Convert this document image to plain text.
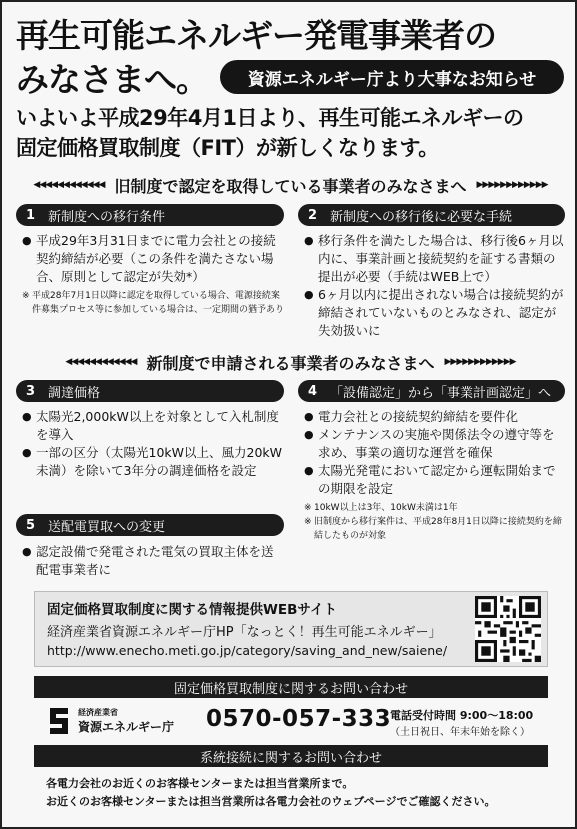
再生可能エネルギー発電事業者の
みなさまへ。	資源エネルギー庁より大事なお知らせ
いよいよ平成29年4月1日より、再生可能エネルギーの
固定価格買取制度（FIT）が新しくなります。
◀◀◀◀◀◀◀◀◀◀◀◀ 旧制度で認定を取得している事業者のみなさまへ ▶▶▶▶▶▶▶▶▶▶▶▶
1 新制度への移行条件
● 平成29年3月31日までに電力会社との接続契約締結が必要（この条件を満たさない場合、原則として認定が失効*）
※ 平成28年7月1日以降に認定を取得している場合、電源接続案件募集プロセス等に参加している場合は、一定期間の猶予あり
2 新制度への移行後に必要な手続
● 移行条件を満たした場合は、移行後6ヶ月以内に、事業計画と接続契約を証する書類の提出が必要（手続はWEB上で）
● 6ヶ月以内に提出されない場合は接続契約が締結されていないものとみなされ、認定が失効扱いに
◀◀◀◀◀◀◀◀◀◀◀◀ 新制度で申請される事業者のみなさまへ ▶▶▶▶▶▶▶▶▶▶▶▶
3 調達価格
● 太陽光2,000kW以上を対象として入札制度を導入
● 一部の区分（太陽光10kW以上、風力20kW未満）を除いて3年分の調達価格を設定
4 「設備認定」から「事業計画認定」へ
● 電力会社との接続契約締結を要件化
● メンテナンスの実施や関係法令の遵守等を求め、事業の適切な運営を確保
● 太陽光発電において認定から運転開始までの期限を設定
※ 10kW以上は3年、10kW未満は1年
※ 旧制度から移行案件は、平成28年8月1日以降に接続契約を締結したものが対象
5 送配電買取への変更
● 認定設備で発電された電気の買取主体を送配電事業者に
固定価格買取制度に関する情報提供WEBサイト
経済産業省資源エネルギー庁HP「なっとく！再生可能エネルギー」
http://www.enecho.meti.go.jp/category/saving_and_new/saiene/
固定価格買取制度に関するお問い合わせ
経済産業省
資源エネルギー庁 0570-057-333
電話受付時間 9:00～18:00
（土日祝日、年末年始を除く）
系統接続に関するお問い合わせ
各電力会社のお近くのお客様センターまたは担当営業所まで。
お近くのお客様センターまたは担当営業所は各電力会社のウェブページでご確認ください。
